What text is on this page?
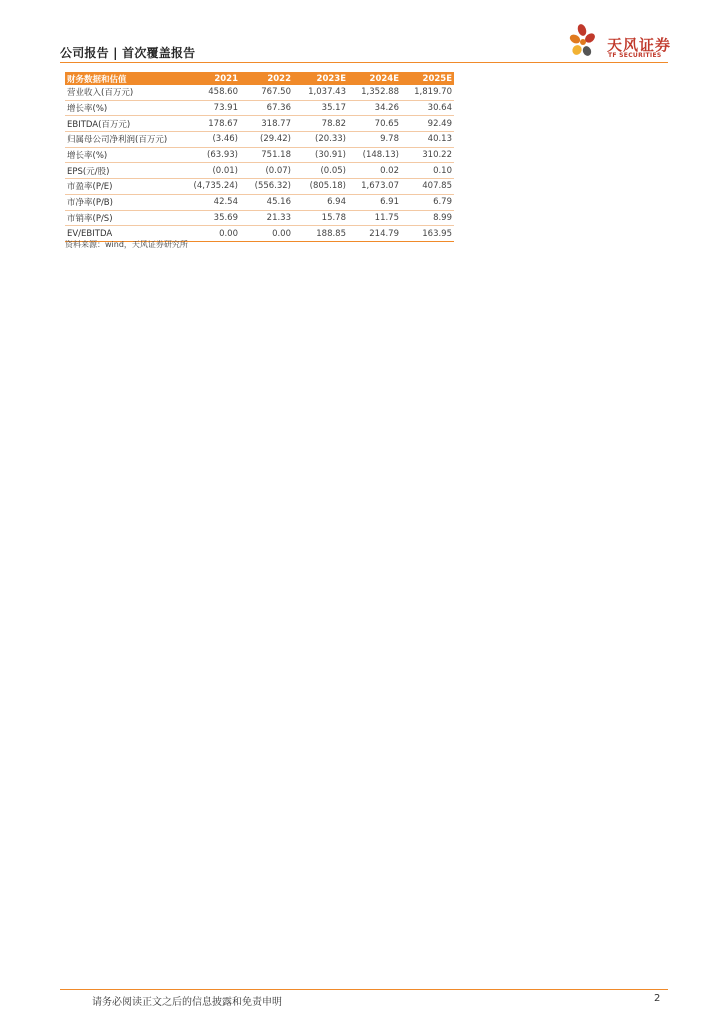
公司报告 | 首次覆盖报告	天风证券
TF SECURITIES
财务数据和估值	2021	2022	2023E	2024E	2025E
营业收入(百万元)	458.60	767.50	1,037.43	1,352.88	1,819.70
增长率(%)	73.91	67.36	35.17	34.26	30.64
EBITDA(百万元)	178.67	318.77	78.82	70.65	92.49
归属母公司净利润(百万元)	(3.46)	(29.42)	(20.33)	9.78	40.13
增长率(%)	(63.93)	751.18	(30.91)	(148.13)	310.22
EPS(元/股)	(0.01)	(0.07)	(0.05)	0.02	0.10
市盈率(P/E)	(4,735.24)	(556.32)	(805.18)	1,673.07	407.85
市净率(P/B)	42.54	45.16	6.94	6.91	6.79
市销率(P/S)	35.69	21.33	15.78	11.75	8.99
EV/EBITDA	0.00	0.00	188.85	214.79	163.95
资料来源：wind，天风证券研究所
请务必阅读正文之后的信息披露和免责申明	2
